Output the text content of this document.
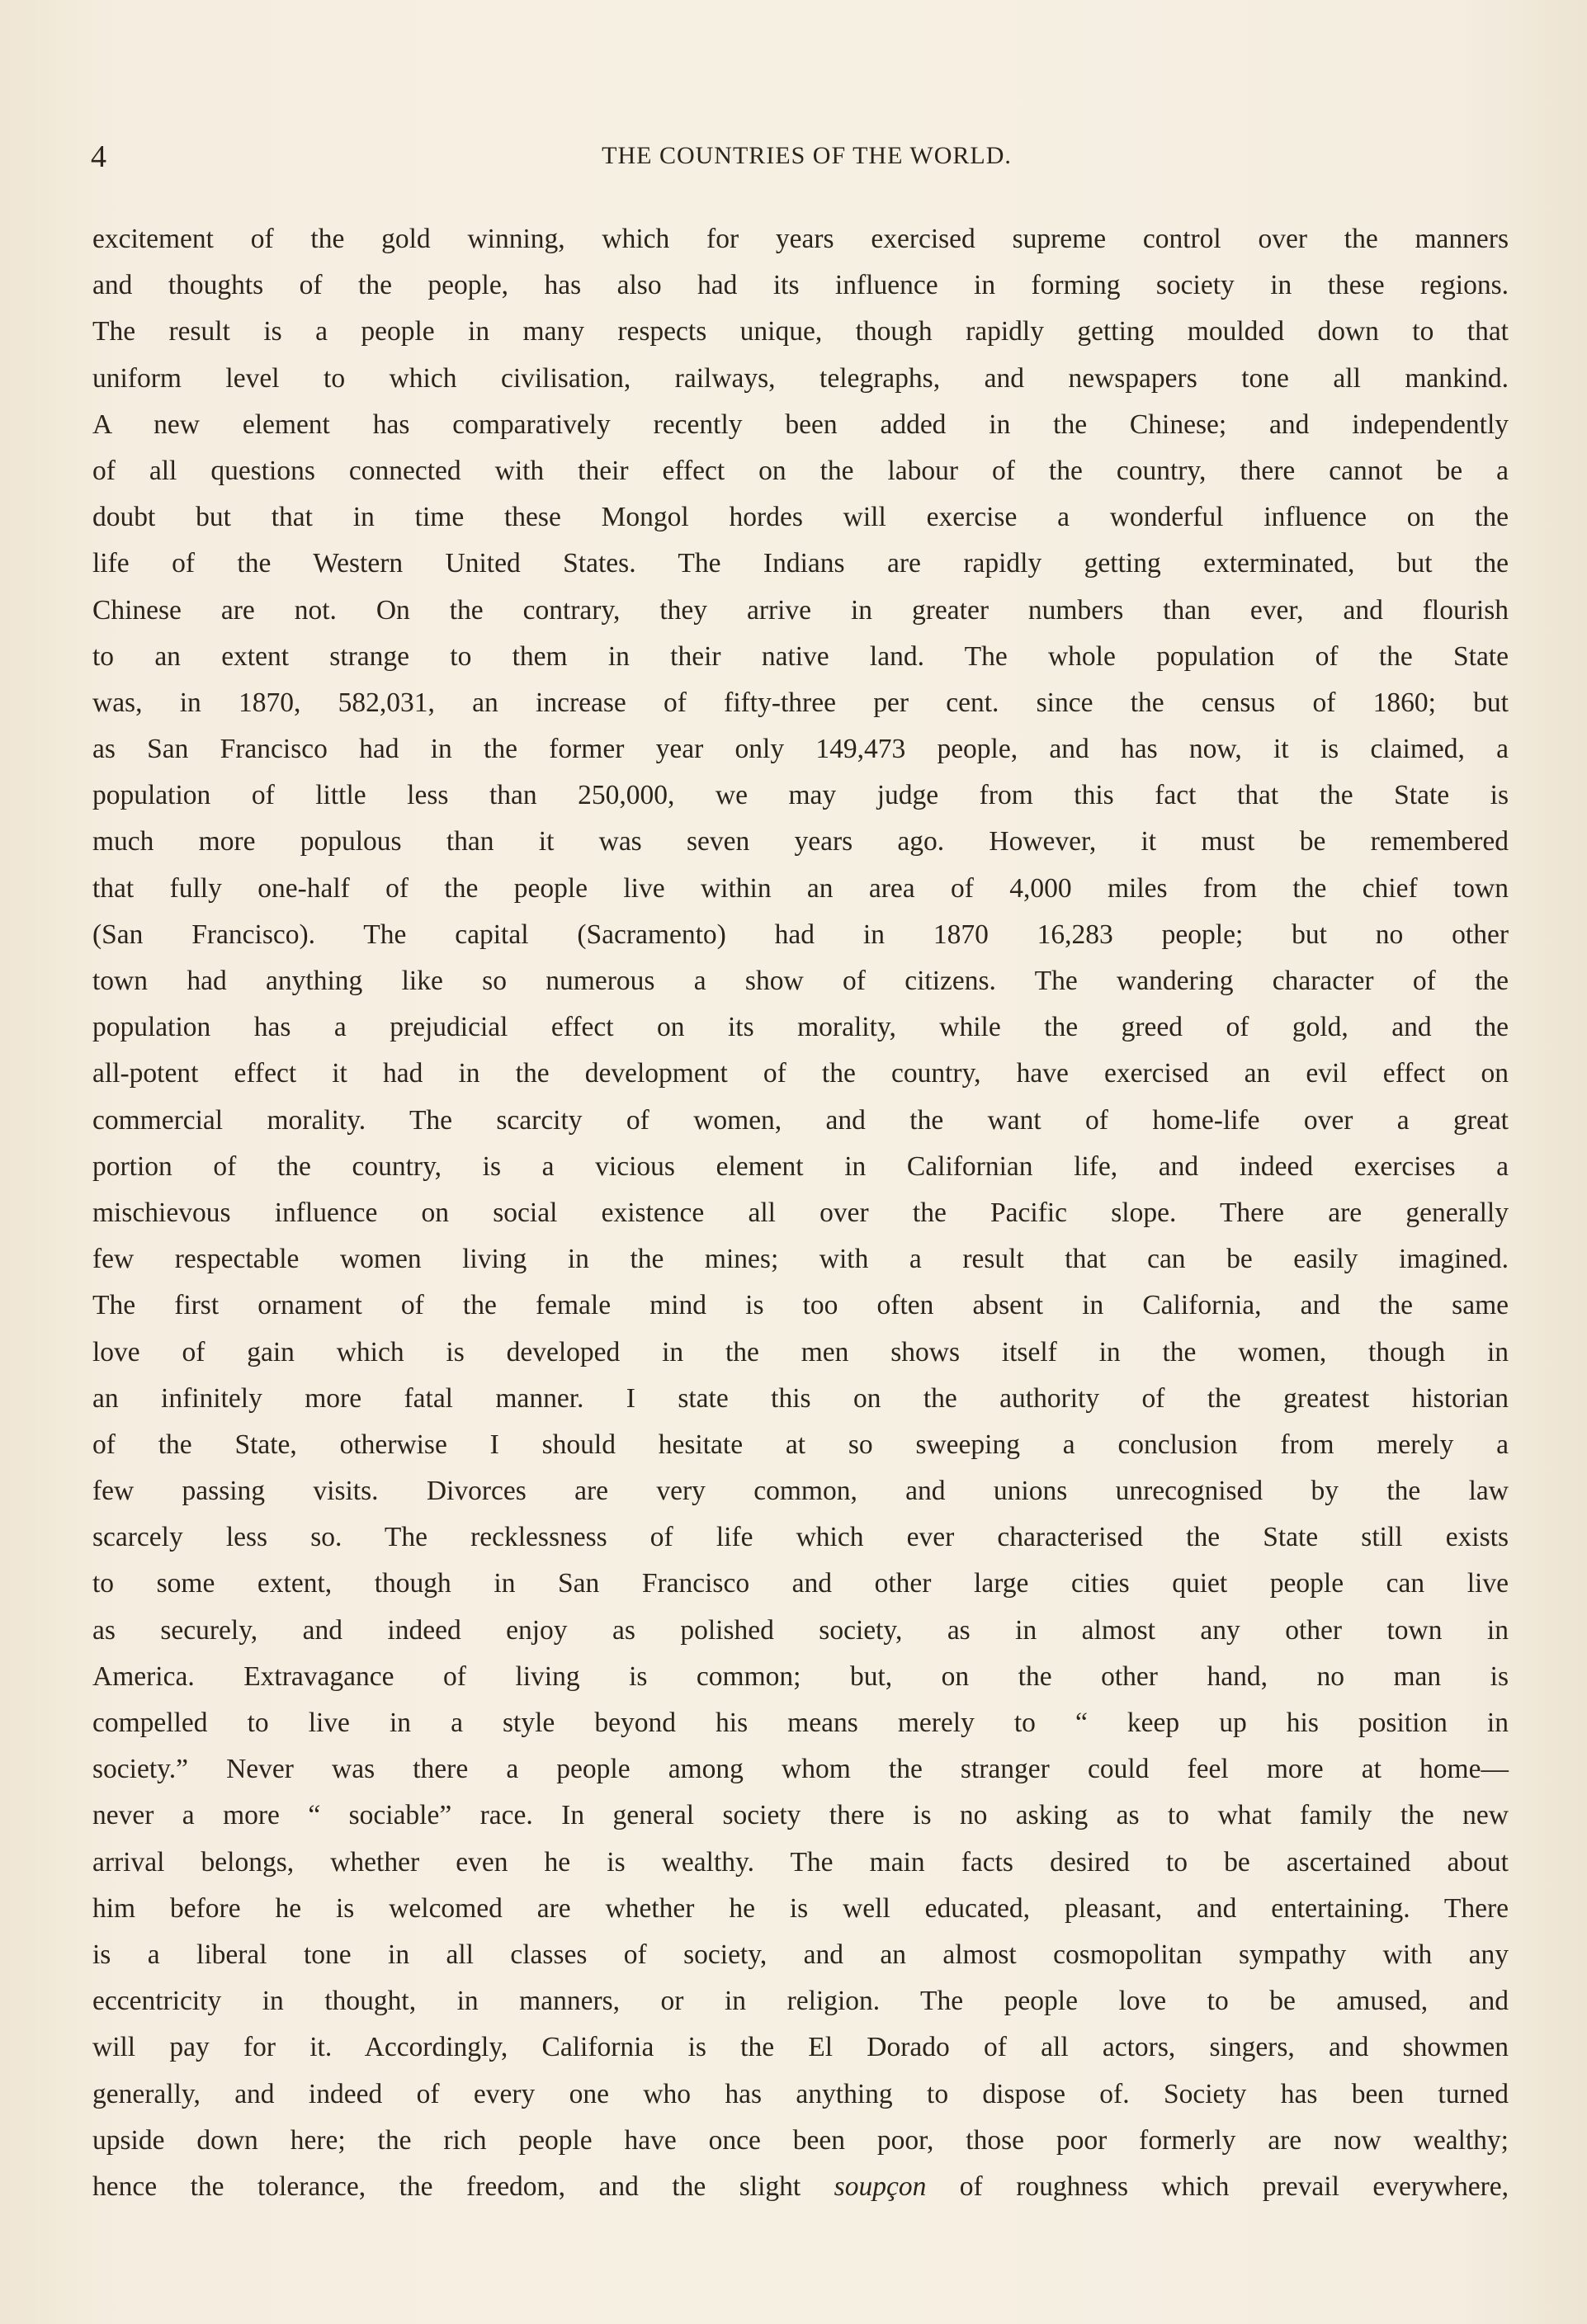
4	THE COUNTRIES OF THE WORLD.
excitement of the gold winning, which for years exercised supreme control over the manners
and thoughts of the people, has also had its influence in forming society in these regions.
The result is a people in many respects unique, though rapidly getting moulded down to that
uniform level to which civilisation, railways, telegraphs, and newspapers tone all mankind.
A new element has comparatively recently been added in the Chinese; and independently
of all questions connected with their effect on the labour of the country, there cannot be a
doubt but that in time these Mongol hordes will exercise a wonderful influence on the
life of the Western United States. The Indians are rapidly getting exterminated, but the
Chinese are not. On the contrary, they arrive in greater numbers than ever, and flourish
to an extent strange to them in their native land. The whole population of the State
was, in 1870, 582,031, an increase of fifty-three per cent. since the census of 1860; but
as San Francisco had in the former year only 149,473 people, and has now, it is claimed, a
population of little less than 250,000, we may judge from this fact that the State is
much more populous than it was seven years ago. However, it must be remembered
that fully one-half of the people live within an area of 4,000 miles from the chief town
(San Francisco). The capital (Sacramento) had in 1870 16,283 people; but no other
town had anything like so numerous a show of citizens. The wandering character of the
population has a prejudicial effect on its morality, while the greed of gold, and the
all-potent effect it had in the development of the country, have exercised an evil effect on
commercial morality. The scarcity of women, and the want of home-life over a great
portion of the country, is a vicious element in Californian life, and indeed exercises a
mischievous influence on social existence all over the Pacific slope. There are generally
few respectable women living in the mines; with a result that can be easily imagined.
The first ornament of the female mind is too often absent in California, and the same
love of gain which is developed in the men shows itself in the women, though in
an infinitely more fatal manner. I state this on the authority of the greatest historian
of the State, otherwise I should hesitate at so sweeping a conclusion from merely a
few passing visits. Divorces are very common, and unions unrecognised by the law
scarcely less so. The recklessness of life which ever characterised the State still exists
to some extent, though in San Francisco and other large cities quiet people can live
as securely, and indeed enjoy as polished society, as in almost any other town in
America. Extravagance of living is common; but, on the other hand, no man is
compelled to live in a style beyond his means merely to “ keep up his position in
society.” Never was there a people among whom the stranger could feel more at home—
never a more “ sociable” race. In general society there is no asking as to what family the new
arrival belongs, whether even he is wealthy. The main facts desired to be ascertained about
him before he is welcomed are whether he is well educated, pleasant, and entertaining. There
is a liberal tone in all classes of society, and an almost cosmopolitan sympathy with any
eccentricity in thought, in manners, or in religion. The people love to be amused, and
will pay for it. Accordingly, California is the El Dorado of all actors, singers, and showmen
generally, and indeed of every one who has anything to dispose of. Society has been turned
upside down here; the rich people have once been poor, those poor formerly are now wealthy;
hence the tolerance, the freedom, and the slight soupçon of roughness which prevail everywhere,
